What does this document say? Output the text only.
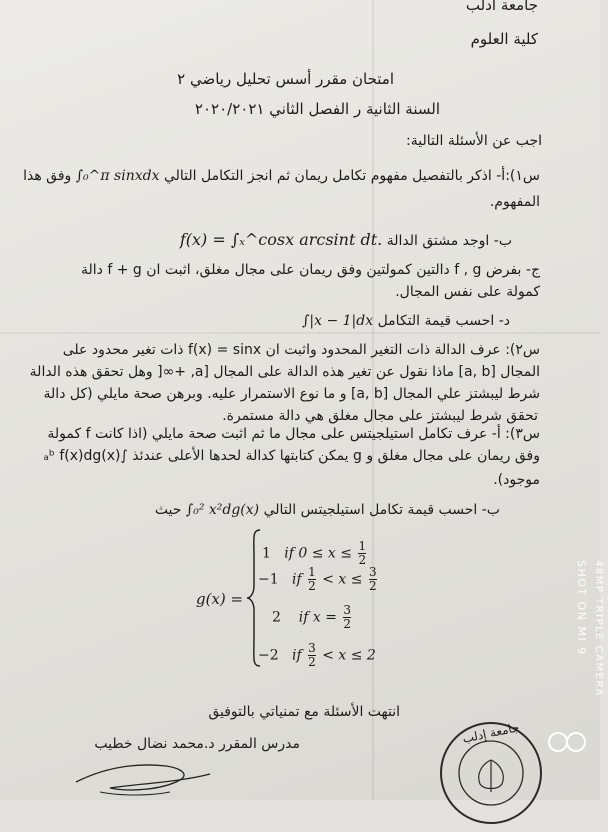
جامعة ادلب
كلية العلوم
امتحان مقرر أسس تحليل رياضي ٢
السنة الثانية ر الفصل الثاني ٢٠٢٠/٢٠٢١
اجب عن الأسئلة التالية:
س١):أ- اذكر بالتفصيل مفهوم تكامل ريمان ثم انجز التكامل التالي ∫₀^π sinxdx وفق هذا
المفهوم.
ب- اوجد مشتق الدالة f(x) = ∫ₓ^cosx arcsint dt.
ج- بفرض f , g دالتين كمولتين وفق ريمان على مجال مغلق، اثبت ان f + g دالة
كمولة على نفس المجال.
د- احسب قيمة التكامل ∫|x − 1|dx
س٢): عرف الدالة ذات التغير المحدود واثبت ان f(x) = sinx ذات تغير محدود على
المجال [a, b] ماذا نقول عن تغير هذه الدالة على المجال [a, +∞[ وهل تحقق هذه الدالة
شرط ليبشتز علي المجال [a, b] و ما نوع الاستمرار عليه. وبرهن صحة مايلي (كل دالة
تحقق شرط ليبشتز على مجال مغلق هي دالة مستمرة.
س٣): أ- عرف تكامل استيلجيتس على مجال ما ثم اثبت صحة مايلي (اذا كانت f كمولة
وفق ريمان على مجال مغلق و g يمكن كتابتها كدالة لحدها الأعلى عندئذ ∫ₐᵇ f(x)dg(x)
موجود).
ب- احسب قيمة تكامل استيلجيتس التالي ∫₀² x²dg(x) حيث
g(x) =
1 if $0 \le x \le \frac{1}{2}$
−1 if $\frac{1}{2} < x \le \frac{3}{2}$
2 if $x = \frac{3}{2}$
−2 if $\frac{3}{2} < x \le 2$
انتهت الأسئلة مع تمنياتي بالتوفيق
مدرس المقرر د.محمد نضال خطيب	جامعة إدلب
SHOT ON MI 9 48MP TRIPLE CAMERA
